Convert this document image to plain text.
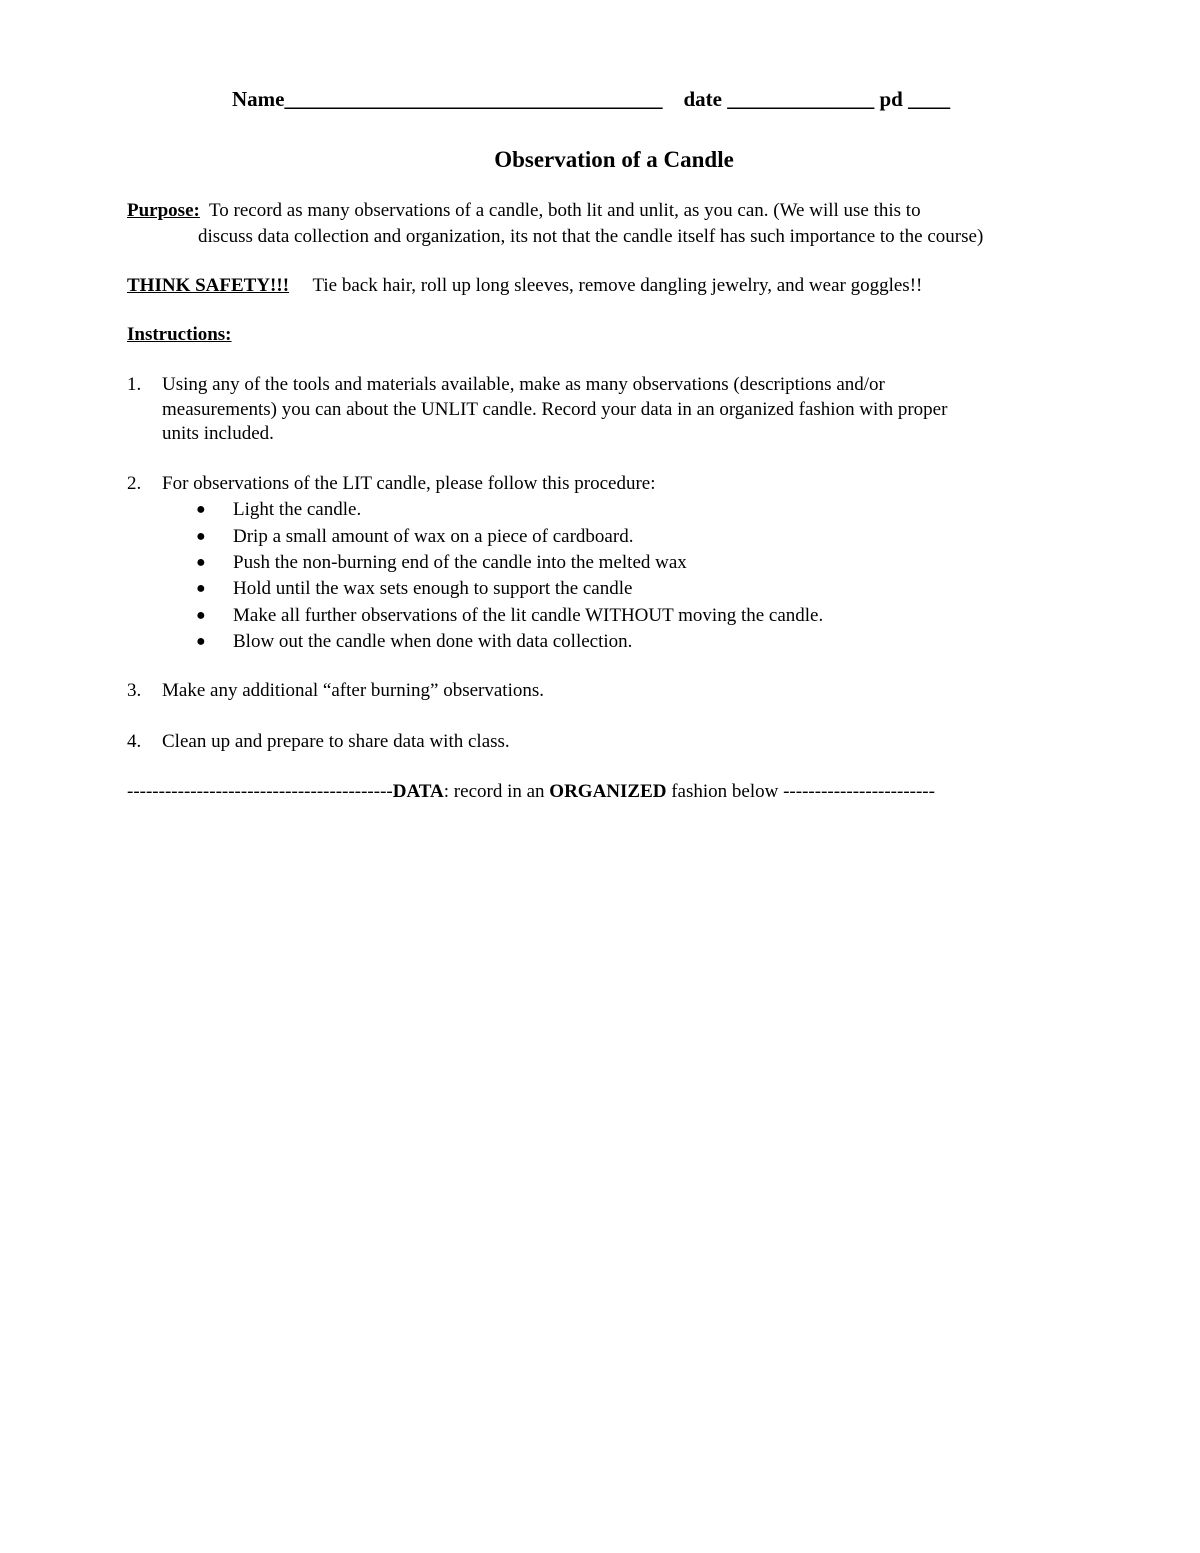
Name____________________________________ date ______________ pd ____
Observation of a Candle
Purpose: To record as many observations of a candle, both lit and unlit, as you can. (We will use this to
discuss data collection and organization, its not that the candle itself has such importance to the course)
THINK SAFETY!!! Tie back hair, roll up long sleeves, remove dangling jewelry, and wear goggles!!
Instructions:
1. Using any of the tools and materials available, make as many observations (descriptions and/or
measurements) you can about the UNLIT candle. Record your data in an organized fashion with proper
units included.
2. For observations of the LIT candle, please follow this procedure:
● Light the candle.
● Drip a small amount of wax on a piece of cardboard.
● Push the non-burning end of the candle into the melted wax
● Hold until the wax sets enough to support the candle
● Make all further observations of the lit candle WITHOUT moving the candle.
● Blow out the candle when done with data collection.
3. Make any additional “after burning” observations.
4. Clean up and prepare to share data with class.
------------------------------------------DATA: record in an ORGANIZED fashion below ------------------------
